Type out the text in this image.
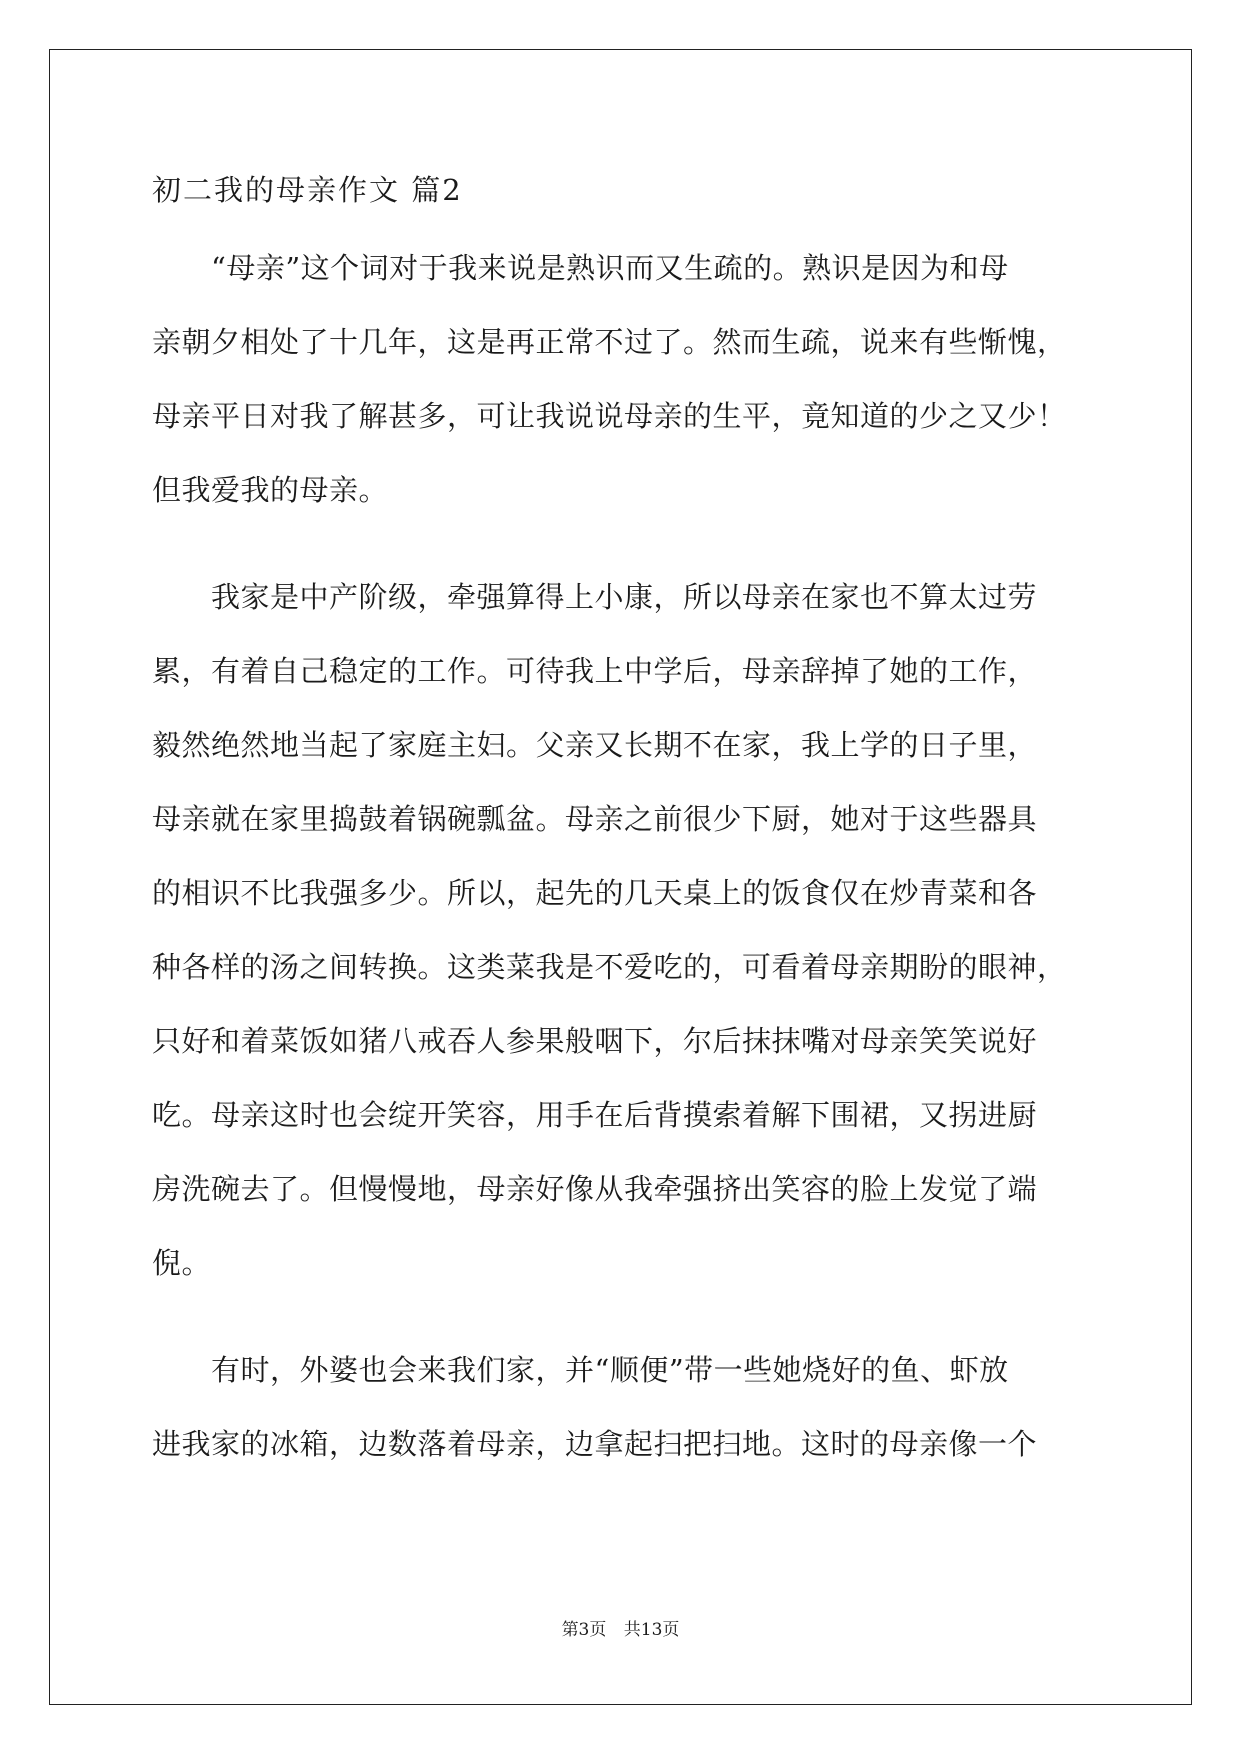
初二我的母亲作文 篇2
　　“母亲”这个词对于我来说是熟识而又生疏的。熟识是因为和母
亲朝夕相处了十几年，这是再正常不过了。然而生疏，说来有些惭愧，
母亲平日对我了解甚多，可让我说说母亲的生平，竟知道的少之又少！
但我爱我的母亲。
　　我家是中产阶级，牵强算得上小康，所以母亲在家也不算太过劳
累，有着自己稳定的工作。可待我上中学后，母亲辞掉了她的工作，
毅然绝然地当起了家庭主妇。父亲又长期不在家，我上学的日子里，
母亲就在家里捣鼓着锅碗瓢盆。母亲之前很少下厨，她对于这些器具
的相识不比我强多少。所以，起先的几天桌上的饭食仅在炒青菜和各
种各样的汤之间转换。这类菜我是不爱吃的，可看着母亲期盼的眼神，
只好和着菜饭如猪八戒吞人参果般咽下，尔后抹抹嘴对母亲笑笑说好
吃。母亲这时也会绽开笑容，用手在后背摸索着解下围裙，又拐进厨
房洗碗去了。但慢慢地，母亲好像从我牵强挤出笑容的脸上发觉了端
倪。
　　有时，外婆也会来我们家，并“顺便”带一些她烧好的鱼、虾放
进我家的冰箱，边数落着母亲，边拿起扫把扫地。这时的母亲像一个
第3页 共13页
